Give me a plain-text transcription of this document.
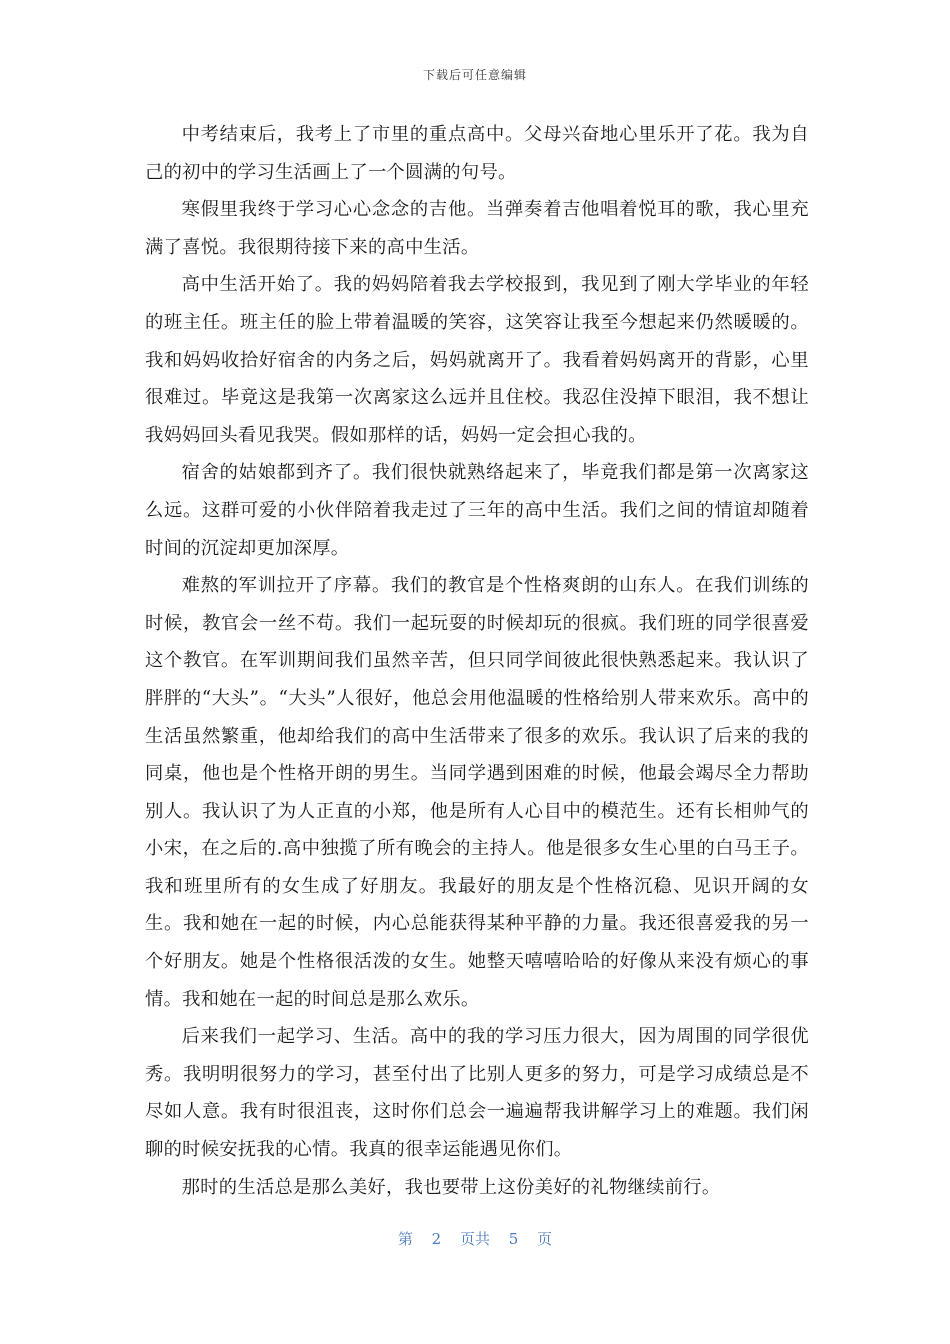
下载后可任意编辑

中考结束后，我考上了市里的重点高中。父母兴奋地心里乐开了花。我为自己的初中的学习生活画上了一个圆满的句号。

寒假里我终于学习心心念念的吉他。当弹奏着吉他唱着悦耳的歌，我心里充满了喜悦。我很期待接下来的高中生活。

高中生活开始了。我的妈妈陪着我去学校报到，我见到了刚大学毕业的年轻的班主任。班主任的脸上带着温暖的笑容，这笑容让我至今想起来仍然暖暖的。我和妈妈收拾好宿舍的内务之后，妈妈就离开了。我看着妈妈离开的背影，心里很难过。毕竟这是我第一次离家这么远并且住校。我忍住没掉下眼泪，我不想让我妈妈回头看见我哭。假如那样的话，妈妈一定会担心我的。

宿舍的姑娘都到齐了。我们很快就熟络起来了，毕竟我们都是第一次离家这么远。这群可爱的小伙伴陪着我走过了三年的高中生活。我们之间的情谊却随着时间的沉淀却更加深厚。

难熬的军训拉开了序幕。我们的教官是个性格爽朗的山东人。在我们训练的时候，教官会一丝不苟。我们一起玩耍的时候却玩的很疯。我们班的同学很喜爱这个教官。在军训期间我们虽然辛苦，但只同学间彼此很快熟悉起来。我认识了胖胖的“大头”。“大头”人很好，他总会用他温暖的性格给别人带来欢乐。高中的生活虽然繁重，他却给我们的高中生活带来了很多的欢乐。我认识了后来的我的同桌，他也是个性格开朗的男生。当同学遇到困难的时候，他最会竭尽全力帮助别人。我认识了为人正直的小郑，他是所有人心目中的模范生。还有长相帅气的小宋，在之后的.高中独揽了所有晚会的主持人。他是很多女生心里的白马王子。我和班里所有的女生成了好朋友。我最好的朋友是个性格沉稳、见识开阔的女生。我和她在一起的时候，内心总能获得某种平静的力量。我还很喜爱我的另一个好朋友。她是个性格很活泼的女生。她整天嘻嘻哈哈的好像从来没有烦心的事情。我和她在一起的时间总是那么欢乐。

后来我们一起学习、生活。高中的我的学习压力很大，因为周围的同学很优秀。我明明很努力的学习，甚至付出了比别人更多的努力，可是学习成绩总是不尽如人意。我有时很沮丧，这时你们总会一遍遍帮我讲解学习上的难题。我们闲聊的时候安抚我的心情。我真的很幸运能遇见你们。

那时的生活总是那么美好，我也要带上这份美好的礼物继续前行。

第 2 页共 5 页
